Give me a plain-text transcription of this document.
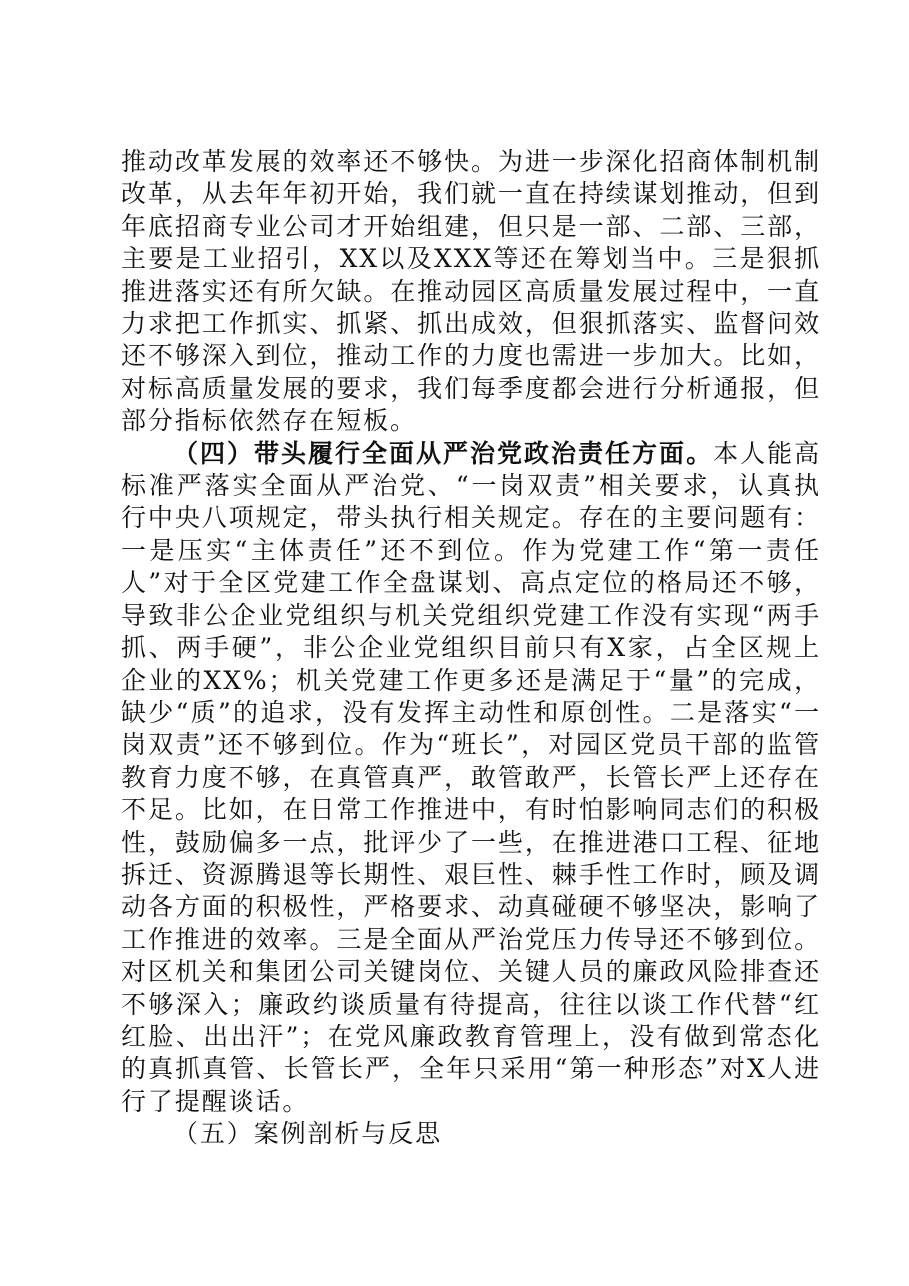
推动改革发展的效率还不够快。为进一步深化招商体制机制改革，从去年年初开始，我们就一直在持续谋划推动，但到年底招商专业公司才开始组建，但只是一部、二部、三部，主要是工业招引，XX以及XXX等还在筹划当中。三是狠抓推进落实还有所欠缺。在推动园区高质量发展过程中，一直力求把工作抓实、抓紧、抓出成效，但狠抓落实、监督问效还不够深入到位，推动工作的力度也需进一步加大。比如，对标高质量发展的要求，我们每季度都会进行分析通报，但部分指标依然存在短板。

（四）带头履行全面从严治党政治责任方面。本人能高标准严落实全面从严治党、“一岗双责”相关要求，认真执行中央八项规定，带头执行相关规定。存在的主要问题有：一是压实“主体责任”还不到位。作为党建工作“第一责任人”对于全区党建工作全盘谋划、高点定位的格局还不够，导致非公企业党组织与机关党组织党建工作没有实现“两手抓、两手硬”，非公企业党组织目前只有X家，占全区规上企业的XX%；机关党建工作更多还是满足于“量”的完成，缺少“质”的追求，没有发挥主动性和原创性。二是落实“一岗双责”还不够到位。作为“班长”，对园区党员干部的监管教育力度不够，在真管真严，敢管敢严，长管长严上还存在不足。比如，在日常工作推进中，有时怕影响同志们的积极性，鼓励偏多一点，批评少了一些，在推进港口工程、征地拆迁、资源腾退等长期性、艰巨性、棘手性工作时，顾及调动各方面的积极性，严格要求、动真碰硬不够坚决，影响了工作推进的效率。三是全面从严治党压力传导还不够到位。对区机关和集团公司关键岗位、关键人员的廉政风险排查还不够深入；廉政约谈质量有待提高，往往以谈工作代替“红红脸、出出汗”；在党风廉政教育管理上，没有做到常态化的真抓真管、长管长严，全年只采用“第一种形态”对X人进行了提醒谈话。

（五）案例剖析与反思
